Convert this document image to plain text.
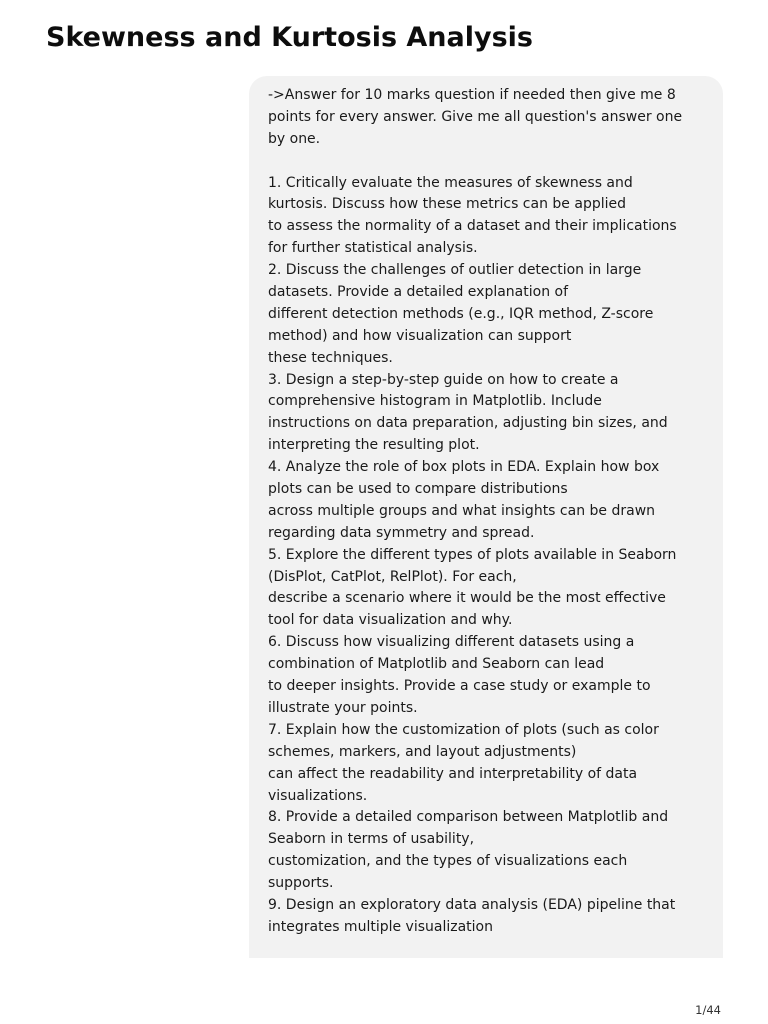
Skewness and Kurtosis Analysis
->Answer for 10 marks question if needed then give me 8
points for every answer. Give me all question's answer one
by one.
1. Critically evaluate the measures of skewness and
kurtosis. Discuss how these metrics can be applied
to assess the normality of a dataset and their implications
for further statistical analysis.
2. Discuss the challenges of outlier detection in large
datasets. Provide a detailed explanation of
different detection methods (e.g., IQR method, Z-score
method) and how visualization can support
these techniques.
3. Design a step-by-step guide on how to create a
comprehensive histogram in Matplotlib. Include
instructions on data preparation, adjusting bin sizes, and
interpreting the resulting plot.
4. Analyze the role of box plots in EDA. Explain how box
plots can be used to compare distributions
across multiple groups and what insights can be drawn
regarding data symmetry and spread.
5. Explore the different types of plots available in Seaborn
(DisPlot, CatPlot, RelPlot). For each,
describe a scenario where it would be the most effective
tool for data visualization and why.
6. Discuss how visualizing different datasets using a
combination of Matplotlib and Seaborn can lead
to deeper insights. Provide a case study or example to
illustrate your points.
7. Explain how the customization of plots (such as color
schemes, markers, and layout adjustments)
can affect the readability and interpretability of data
visualizations.
8. Provide a detailed comparison between Matplotlib and
Seaborn in terms of usability,
customization, and the types of visualizations each
supports.
9. Design an exploratory data analysis (EDA) pipeline that
integrates multiple visualization
1/44
